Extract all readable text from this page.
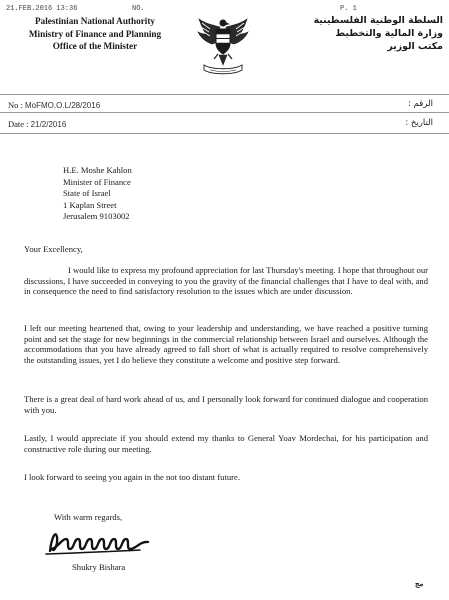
21.FEB.2016 13:36	NO.	P. 1
Palestinian National Authority
Ministry of Finance and Planning
Office of the Minister
السلطة الوطنية الفلسطينية
وزارة المالية والتخطيط
مكتب الوزير
No : MoFMO.O.L/28/2016	الرقم :
Date : 21/2/2016	التاريخ :
H.E. Moshe Kahlon
Minister of Finance
State of Israel
1 Kaplan Street
Jerusalem 9103002
Your Excellency,
I would like to express my profound appreciation for last Thursday's meeting. I hope that throughout our discussions, I have succeeded in conveying to you the gravity of the financial challenges that I have to deal with, and in consequence the need to find satisfactory resolution to the issues which are under discussion.
I left our meeting heartened that, owing to your leadership and understanding, we have reached a positive turning point and set the stage for new beginnings in the commercial relationship between Israel and ourselves. Although the accommodations that you have already agreed to fall short of what is actually required to resolve comprehensively the outstanding issues, yet I do believe they constitute a welcome and positive step forward.
There is a great deal of hard work ahead of us, and I personally look forward for continued dialogue and cooperation with you.
Lastly, I would appreciate if you should extend my thanks to General Yoav Mordechai, for his participation and constructive role during our meeting.
I look forward to seeing you again in the not too distant future.
With warm regards,
Shukry Bishara
مج
